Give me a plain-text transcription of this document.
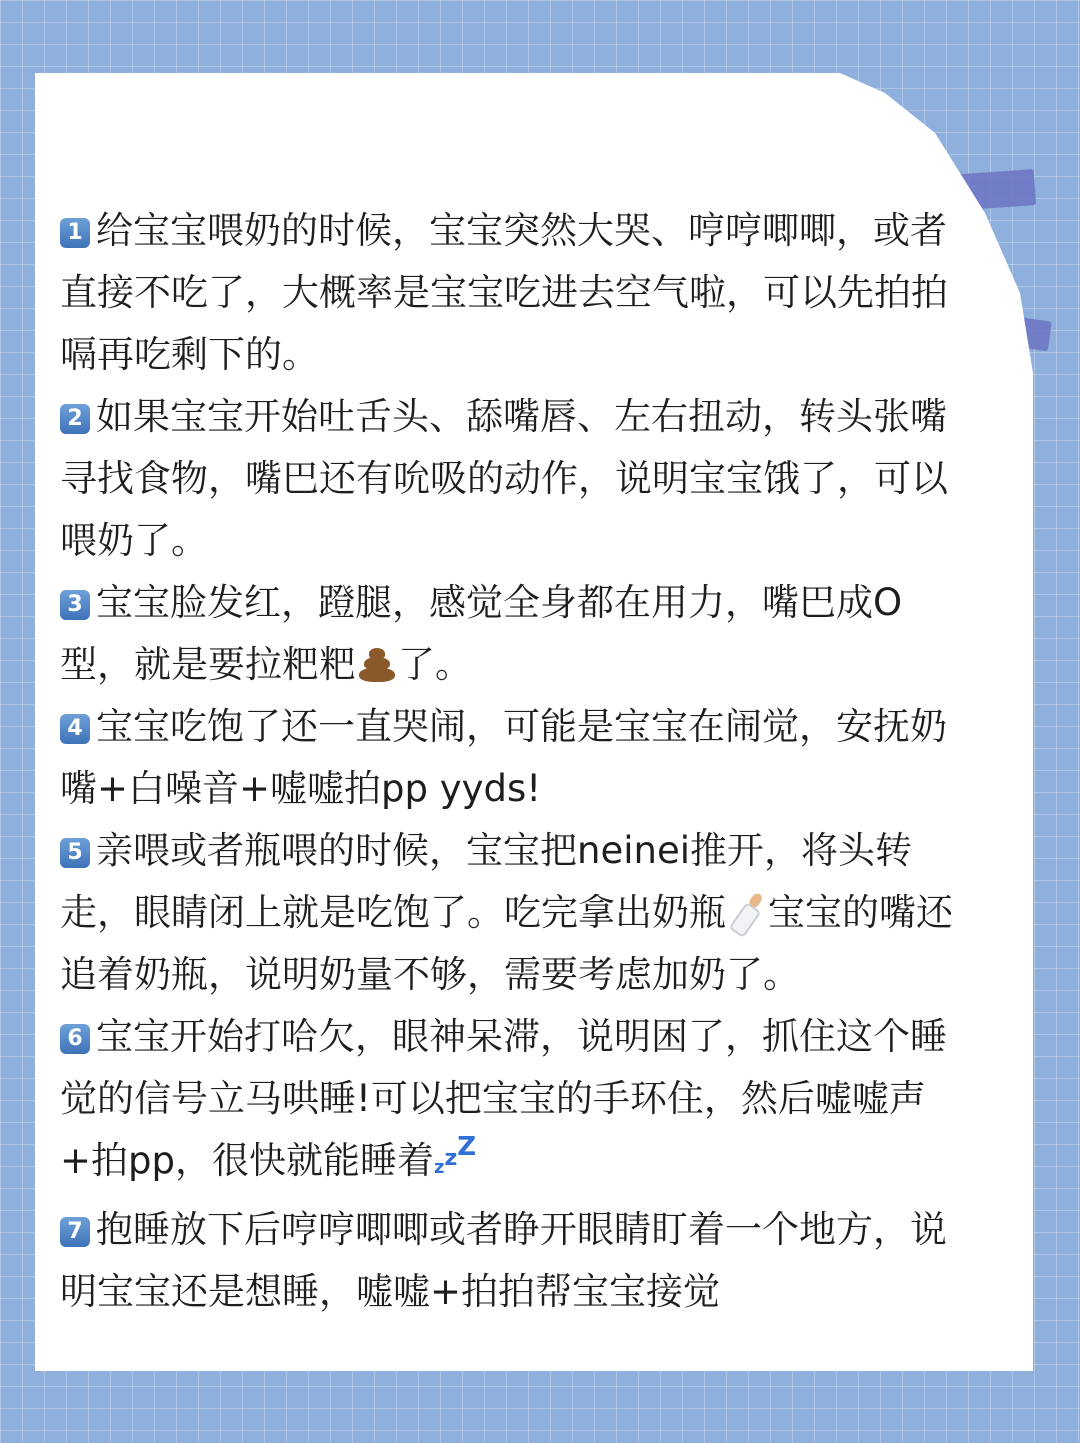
1 给宝宝喂奶的时候，宝宝突然大哭、哼哼唧唧，或者直接不吃了，大概率是宝宝吃进去空气啦，可以先拍拍嗝再吃剩下的。

2 如果宝宝开始吐舌头、舔嘴唇、左右扭动，转头张嘴寻找食物，嘴巴还有吮吸的动作，说明宝宝饿了，可以喂奶了。

3 宝宝脸发红，蹬腿，感觉全身都在用力，嘴巴成O型，就是要拉粑粑 了。

4 宝宝吃饱了还一直哭闹，可能是宝宝在闹觉，安抚奶嘴+白噪音+嘘嘘拍pp yyds!

5 亲喂或者瓶喂的时候，宝宝把neinei推开，将头转走，眼睛闭上就是吃饱了。吃完拿出奶瓶 宝宝的嘴还追着奶瓶，说明奶量不够，需要考虑加奶了。

6 宝宝开始打哈欠，眼神呆滞，说明困了，抓住这个睡觉的信号立马哄睡!可以把宝宝的手环住，然后嘘嘘声+拍pp，很快就能睡着$z^{zZ}$

7 抱睡放下后哼哼唧唧或者睁开眼睛盯着一个地方，说明宝宝还是想睡，嘘嘘+拍拍帮宝宝接觉
